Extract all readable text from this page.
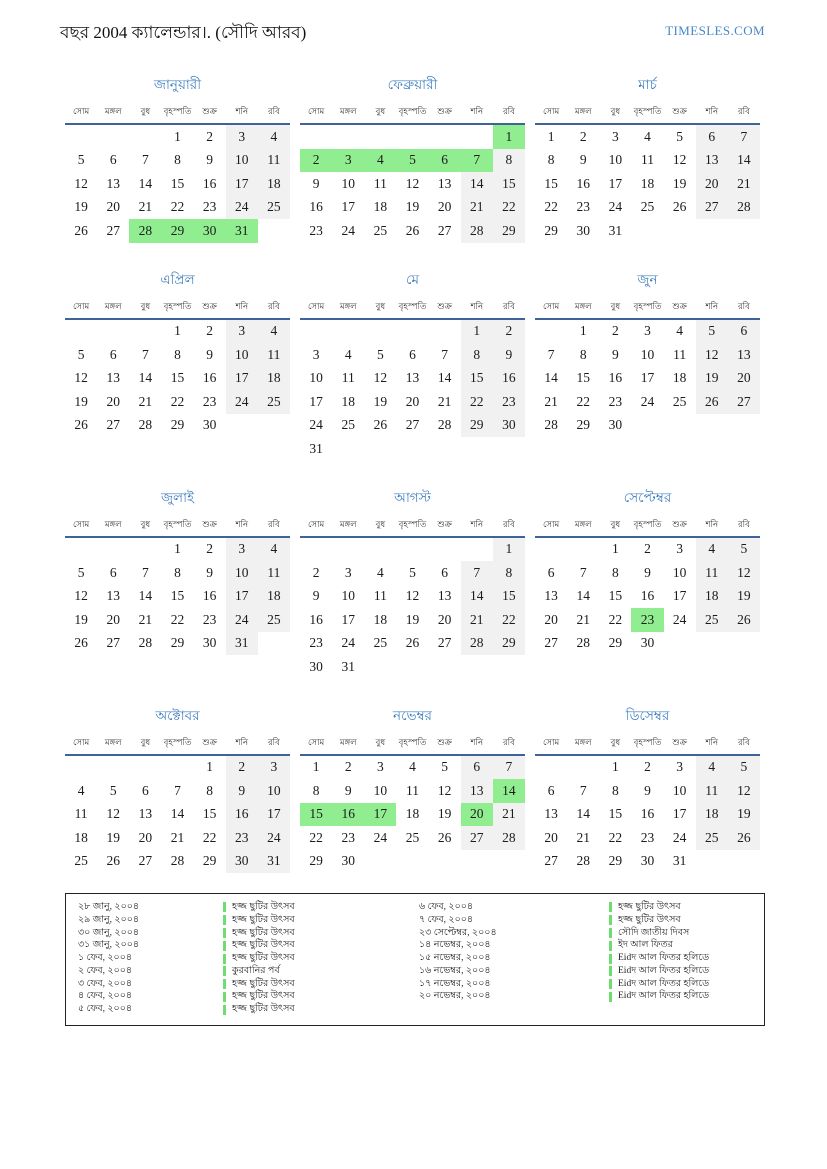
বছর 2004 ক্যালেন্ডার।. (সৌদি আরব)	TIMESLES.COM
জানুয়ারী
সোম	মঙ্গল	বুধ	বৃহস্পতি	শুক্র	শনি	রবি
			1	2	3	4
5	6	7	8	9	10	11
12	13	14	15	16	17	18
19	20	21	22	23	24	25
26	27	28	29	30	31	
ফেব্রুয়ারী
সোম	মঙ্গল	বুধ	বৃহস্পতি	শুক্র	শনি	রবি
						1
2	3	4	5	6	7	8
9	10	11	12	13	14	15
16	17	18	19	20	21	22
23	24	25	26	27	28	29
মার্চ
সোম	মঙ্গল	বুধ	বৃহস্পতি	শুক্র	শনি	রবি
1	2	3	4	5	6	7
8	9	10	11	12	13	14
15	16	17	18	19	20	21
22	23	24	25	26	27	28
29	30	31				
এপ্রিল
সোম	মঙ্গল	বুধ	বৃহস্পতি	শুক্র	শনি	রবি
			1	2	3	4
5	6	7	8	9	10	11
12	13	14	15	16	17	18
19	20	21	22	23	24	25
26	27	28	29	30		
মে
সোম	মঙ্গল	বুধ	বৃহস্পতি	শুক্র	শনি	রবি
					1	2
3	4	5	6	7	8	9
10	11	12	13	14	15	16
17	18	19	20	21	22	23
24	25	26	27	28	29	30
31						
জুন
সোম	মঙ্গল	বুধ	বৃহস্পতি	শুক্র	শনি	রবি
	1	2	3	4	5	6
7	8	9	10	11	12	13
14	15	16	17	18	19	20
21	22	23	24	25	26	27
28	29	30				
জুলাই
সোম	মঙ্গল	বুধ	বৃহস্পতি	শুক্র	শনি	রবি
			1	2	3	4
5	6	7	8	9	10	11
12	13	14	15	16	17	18
19	20	21	22	23	24	25
26	27	28	29	30	31	
আগস্ট
সোম	মঙ্গল	বুধ	বৃহস্পতি	শুক্র	শনি	রবি
						1
2	3	4	5	6	7	8
9	10	11	12	13	14	15
16	17	18	19	20	21	22
23	24	25	26	27	28	29
30	31					
সেপ্টেম্বর
সোম	মঙ্গল	বুধ	বৃহস্পতি	শুক্র	শনি	রবি
		1	2	3	4	5
6	7	8	9	10	11	12
13	14	15	16	17	18	19
20	21	22	23	24	25	26
27	28	29	30			
অক্টোবর
সোম	মঙ্গল	বুধ	বৃহস্পতি	শুক্র	শনি	রবি
				1	2	3
4	5	6	7	8	9	10
11	12	13	14	15	16	17
18	19	20	21	22	23	24
25	26	27	28	29	30	31
নভেম্বর
সোম	মঙ্গল	বুধ	বৃহস্পতি	শুক্র	শনি	রবি
1	2	3	4	5	6	7
8	9	10	11	12	13	14
15	16	17	18	19	20	21
22	23	24	25	26	27	28
29	30					
ডিসেম্বর
সোম	মঙ্গল	বুধ	বৃহস্পতি	শুক্র	শনি	রবি
		1	2	3	4	5
6	7	8	9	10	11	12
13	14	15	16	17	18	19
20	21	22	23	24	25	26
27	28	29	30	31		
২৮ জানু, ২০০৪	হজ্জ ছুটির উৎসব
২৯ জানু, ২০০৪	হজ্জ ছুটির উৎসব
৩০ জানু, ২০০৪	হজ্জ ছুটির উৎসব
৩১ জানু, ২০০৪	হজ্জ ছুটির উৎসব
১ ফেব, ২০০৪	হজ্জ ছুটির উৎসব
২ ফেব, ২০০৪	কুরবানির পর্ব
৩ ফেব, ২০০৪	হজ্জ ছুটির উৎসব
৪ ফেব, ২০০৪	হজ্জ ছুটির উৎসব
৫ ফেব, ২০০৪	হজ্জ ছুটির উৎসব
৬ ফেব, ২০০৪	হজ্জ ছুটির উৎসব
৭ ফেব, ২০০৪	হজ্জ ছুটির উৎসব
২৩ সেপ্টেম্বর, ২০০৪	সৌদি জাতীয় দিবস
১৪ নভেম্বর, ২০০৪	ইদ আল ফিতর
১৫ নভেম্বর, ২০০৪	Eidদ আল ফিতর হলিডে
১৬ নভেম্বর, ২০০৪	Eidদ আল ফিতর হলিডে
১৭ নভেম্বর, ২০০৪	Eidদ আল ফিতর হলিডে
২০ নভেম্বর, ২০০৪	Eidদ আল ফিতর হলিডে
